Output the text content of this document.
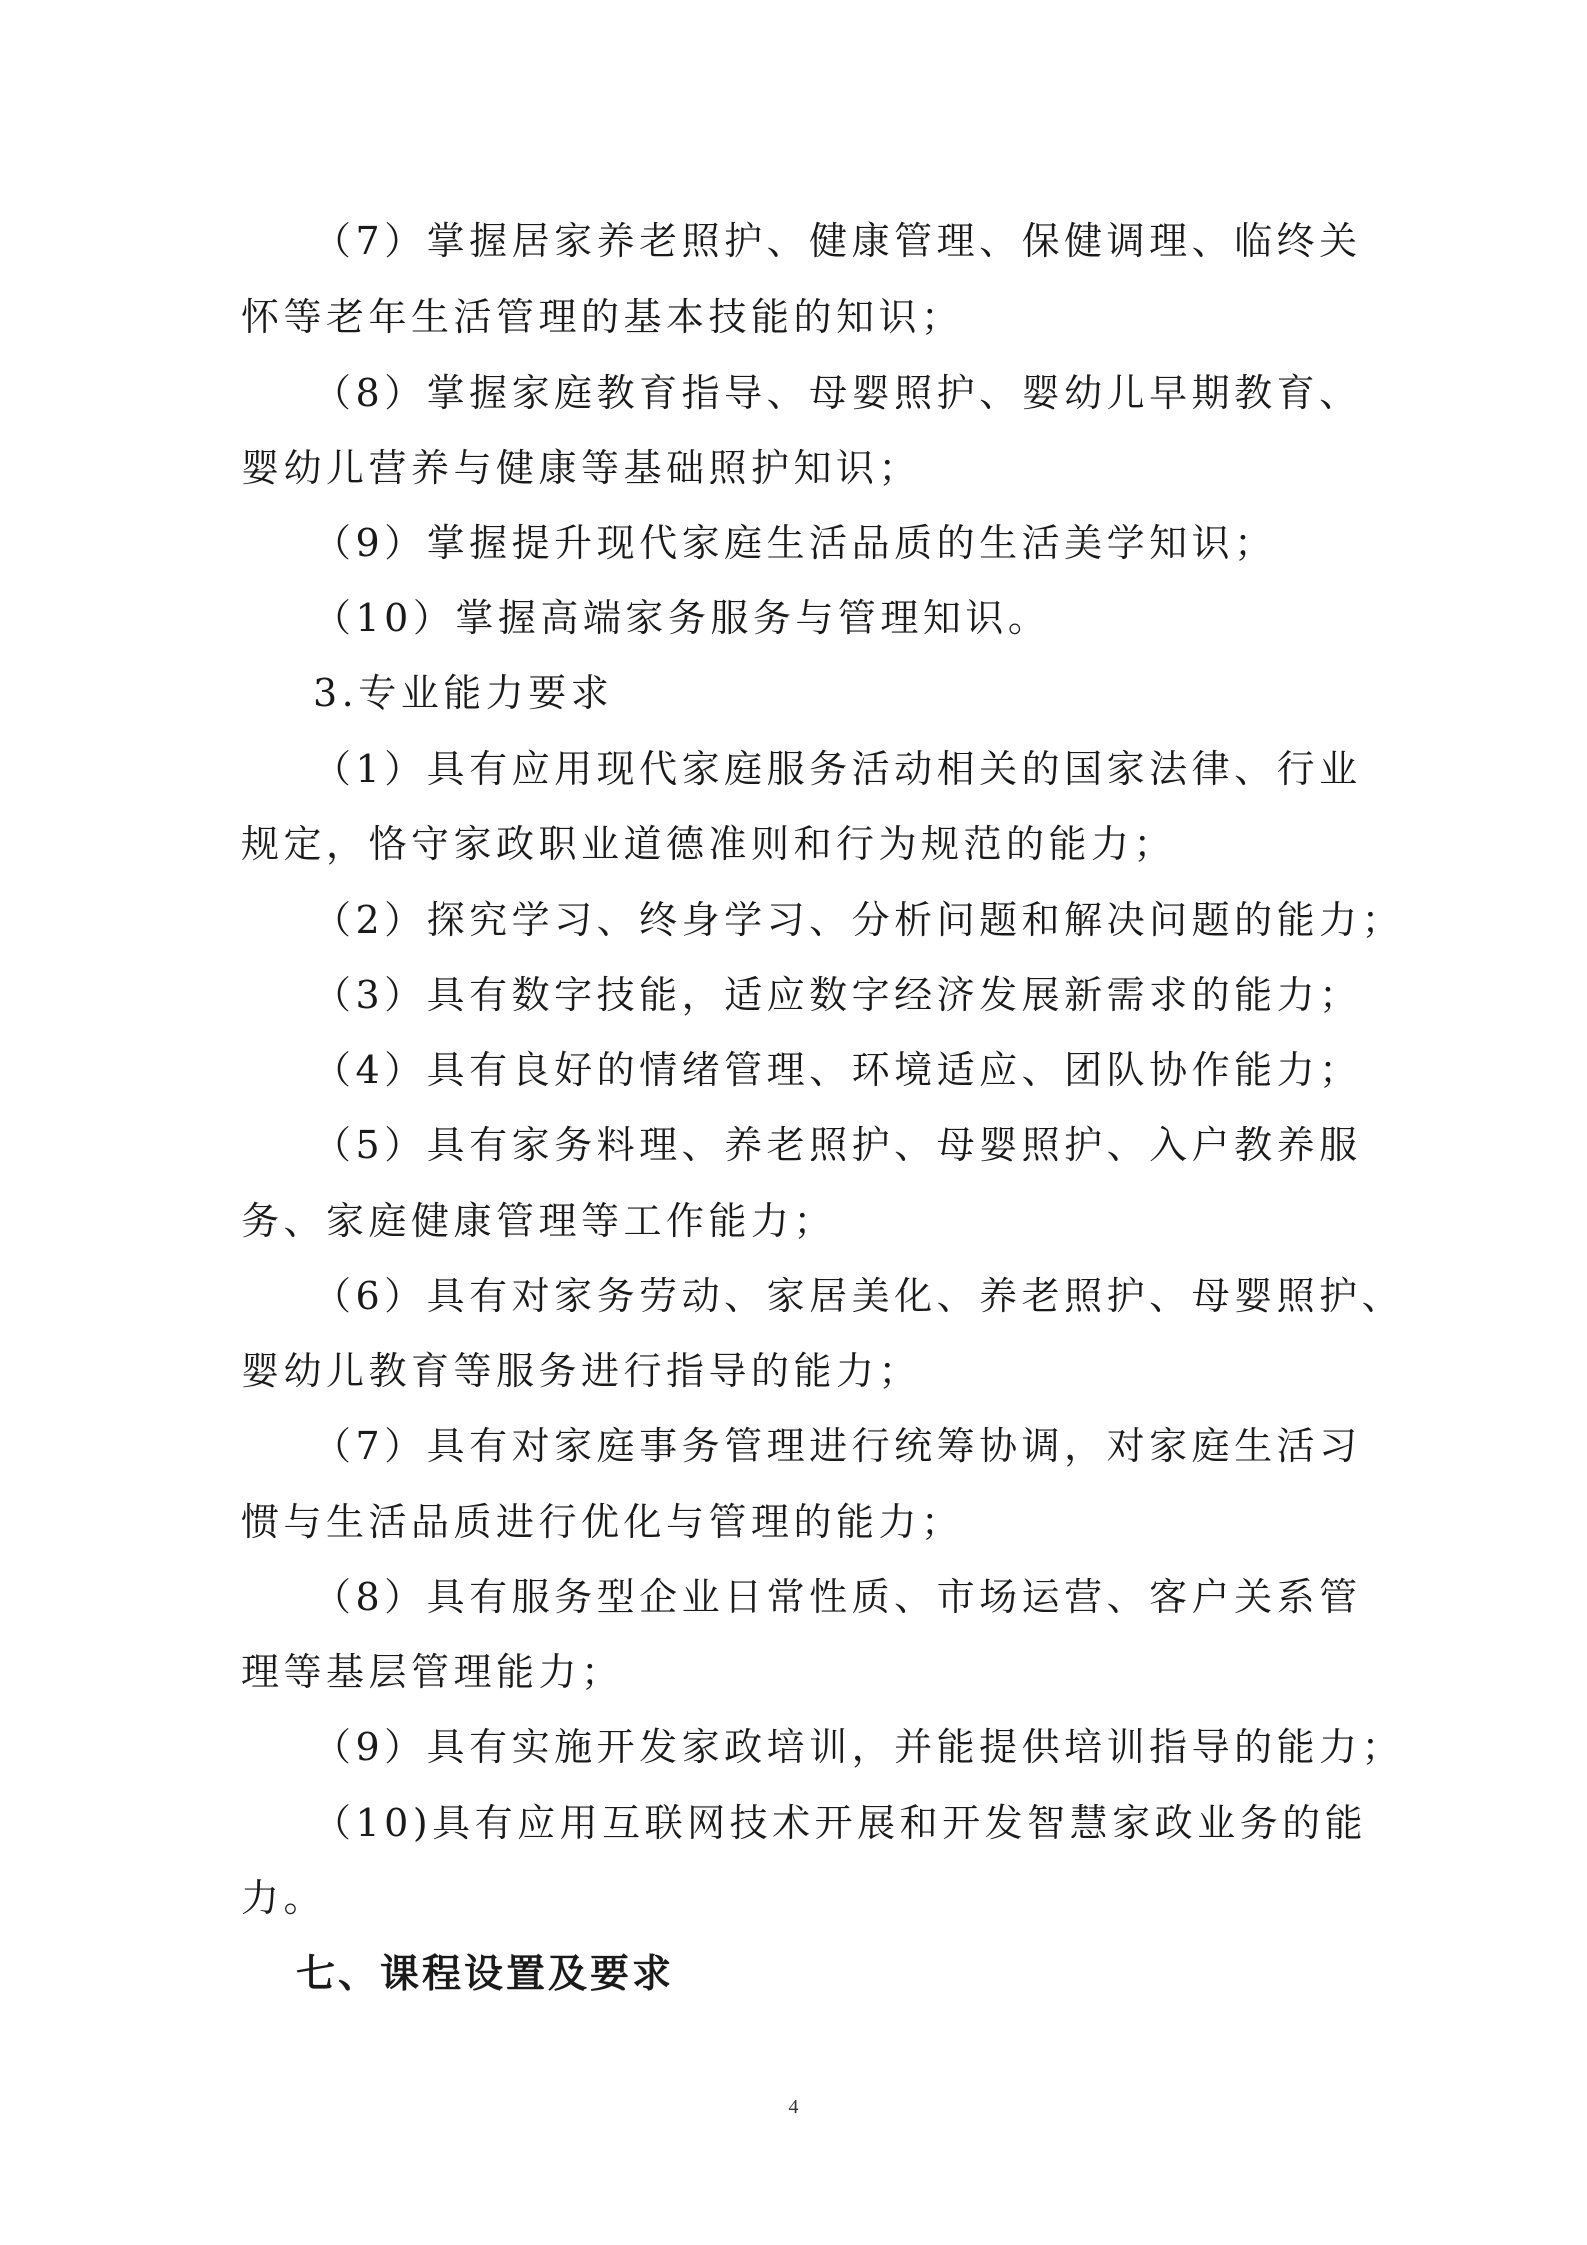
（7）掌握居家养老照护、健康管理、保健调理、临终关
怀等老年生活管理的基本技能的知识；
（8）掌握家庭教育指导、母婴照护、婴幼儿早期教育、
婴幼儿营养与健康等基础照护知识；
（9）掌握提升现代家庭生活品质的生活美学知识；
（10）掌握高端家务服务与管理知识。
3.专业能力要求
（1）具有应用现代家庭服务活动相关的国家法律、行业
规定，恪守家政职业道德准则和行为规范的能力；
（2）探究学习、终身学习、分析问题和解决问题的能力；
（3）具有数字技能，适应数字经济发展新需求的能力；
（4）具有良好的情绪管理、环境适应、团队协作能力；
（5）具有家务料理、养老照护、母婴照护、入户教养服
务、家庭健康管理等工作能力；
（6）具有对家务劳动、家居美化、养老照护、母婴照护、
婴幼儿教育等服务进行指导的能力；
（7）具有对家庭事务管理进行统筹协调，对家庭生活习
惯与生活品质进行优化与管理的能力；
（8）具有服务型企业日常性质、市场运营、客户关系管
理等基层管理能力；
（9）具有实施开发家政培训，并能提供培训指导的能力；
（10)具有应用互联网技术开展和开发智慧家政业务的能
力。
七、课程设置及要求
4
